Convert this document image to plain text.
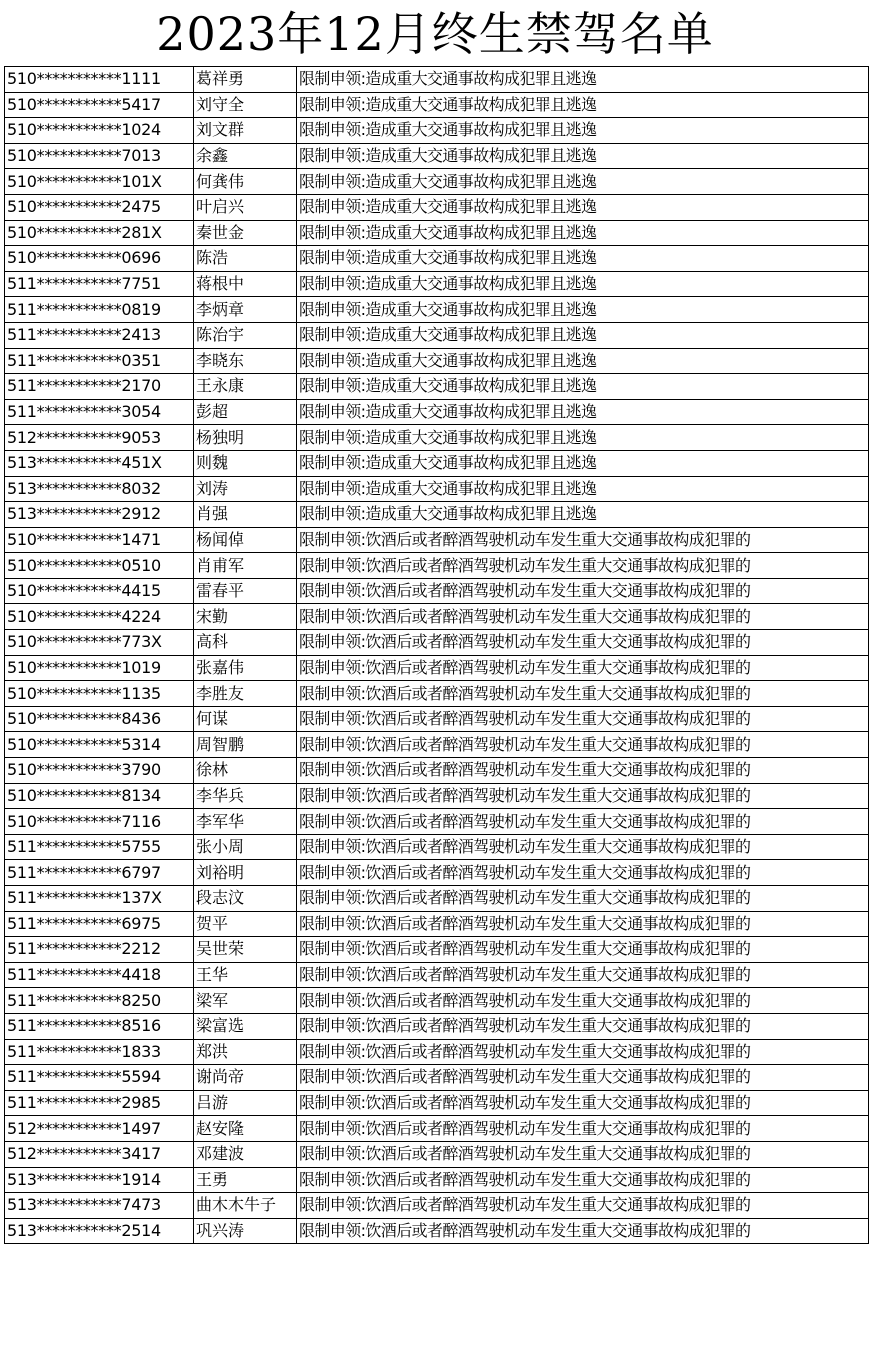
2023年12月终生禁驾名单
510***********1111	葛祥勇	限制申领:造成重大交通事故构成犯罪且逃逸
510***********5417	刘守全	限制申领:造成重大交通事故构成犯罪且逃逸
510***********1024	刘文群	限制申领:造成重大交通事故构成犯罪且逃逸
510***********7013	余鑫	限制申领:造成重大交通事故构成犯罪且逃逸
510***********101X	何龚伟	限制申领:造成重大交通事故构成犯罪且逃逸
510***********2475	叶启兴	限制申领:造成重大交通事故构成犯罪且逃逸
510***********281X	秦世金	限制申领:造成重大交通事故构成犯罪且逃逸
510***********0696	陈浩	限制申领:造成重大交通事故构成犯罪且逃逸
511***********7751	蒋根中	限制申领:造成重大交通事故构成犯罪且逃逸
511***********0819	李炳章	限制申领:造成重大交通事故构成犯罪且逃逸
511***********2413	陈治宇	限制申领:造成重大交通事故构成犯罪且逃逸
511***********0351	李晓东	限制申领:造成重大交通事故构成犯罪且逃逸
511***********2170	王永康	限制申领:造成重大交通事故构成犯罪且逃逸
511***********3054	彭超	限制申领:造成重大交通事故构成犯罪且逃逸
512***********9053	杨独明	限制申领:造成重大交通事故构成犯罪且逃逸
513***********451X	则魏	限制申领:造成重大交通事故构成犯罪且逃逸
513***********8032	刘涛	限制申领:造成重大交通事故构成犯罪且逃逸
513***********2912	肖强	限制申领:造成重大交通事故构成犯罪且逃逸
510***********1471	杨闻倬	限制申领:饮酒后或者醉酒驾驶机动车发生重大交通事故构成犯罪的
510***********0510	肖甫军	限制申领:饮酒后或者醉酒驾驶机动车发生重大交通事故构成犯罪的
510***********4415	雷春平	限制申领:饮酒后或者醉酒驾驶机动车发生重大交通事故构成犯罪的
510***********4224	宋勤	限制申领:饮酒后或者醉酒驾驶机动车发生重大交通事故构成犯罪的
510***********773X	高科	限制申领:饮酒后或者醉酒驾驶机动车发生重大交通事故构成犯罪的
510***********1019	张嘉伟	限制申领:饮酒后或者醉酒驾驶机动车发生重大交通事故构成犯罪的
510***********1135	李胜友	限制申领:饮酒后或者醉酒驾驶机动车发生重大交通事故构成犯罪的
510***********8436	何谋	限制申领:饮酒后或者醉酒驾驶机动车发生重大交通事故构成犯罪的
510***********5314	周智鹏	限制申领:饮酒后或者醉酒驾驶机动车发生重大交通事故构成犯罪的
510***********3790	徐林	限制申领:饮酒后或者醉酒驾驶机动车发生重大交通事故构成犯罪的
510***********8134	李华兵	限制申领:饮酒后或者醉酒驾驶机动车发生重大交通事故构成犯罪的
510***********7116	李军华	限制申领:饮酒后或者醉酒驾驶机动车发生重大交通事故构成犯罪的
511***********5755	张小周	限制申领:饮酒后或者醉酒驾驶机动车发生重大交通事故构成犯罪的
511***********6797	刘裕明	限制申领:饮酒后或者醉酒驾驶机动车发生重大交通事故构成犯罪的
511***********137X	段志汶	限制申领:饮酒后或者醉酒驾驶机动车发生重大交通事故构成犯罪的
511***********6975	贺平	限制申领:饮酒后或者醉酒驾驶机动车发生重大交通事故构成犯罪的
511***********2212	吴世荣	限制申领:饮酒后或者醉酒驾驶机动车发生重大交通事故构成犯罪的
511***********4418	王华	限制申领:饮酒后或者醉酒驾驶机动车发生重大交通事故构成犯罪的
511***********8250	梁军	限制申领:饮酒后或者醉酒驾驶机动车发生重大交通事故构成犯罪的
511***********8516	梁富选	限制申领:饮酒后或者醉酒驾驶机动车发生重大交通事故构成犯罪的
511***********1833	郑洪	限制申领:饮酒后或者醉酒驾驶机动车发生重大交通事故构成犯罪的
511***********5594	谢尚帝	限制申领:饮酒后或者醉酒驾驶机动车发生重大交通事故构成犯罪的
511***********2985	吕游	限制申领:饮酒后或者醉酒驾驶机动车发生重大交通事故构成犯罪的
512***********1497	赵安隆	限制申领:饮酒后或者醉酒驾驶机动车发生重大交通事故构成犯罪的
512***********3417	邓建波	限制申领:饮酒后或者醉酒驾驶机动车发生重大交通事故构成犯罪的
513***********1914	王勇	限制申领:饮酒后或者醉酒驾驶机动车发生重大交通事故构成犯罪的
513***********7473	曲木木牛子	限制申领:饮酒后或者醉酒驾驶机动车发生重大交通事故构成犯罪的
513***********2514	巩兴涛	限制申领:饮酒后或者醉酒驾驶机动车发生重大交通事故构成犯罪的
